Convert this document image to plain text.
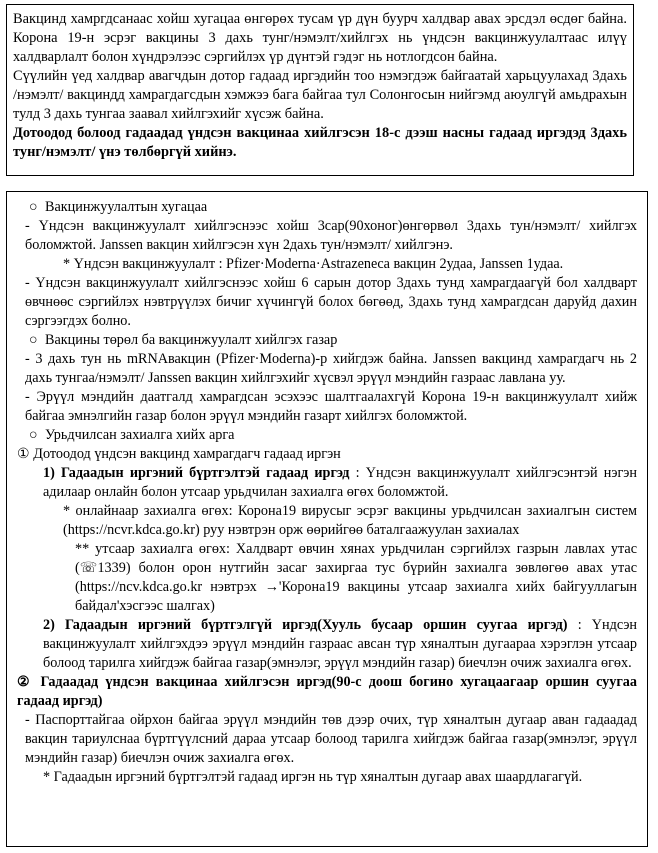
Вакцинд хамргдсанаас хойш хугацаа өнгөрөх тусам үр дүн буурч халдвар авах эрсдэл өсдөг байна. Корона 19-н эсрэг вакцины 3 дахь тунг/нэмэлт/хийлгэх нь үндсэн вакцинжуулалтаас илүү халдварлалт болон хүндрэлээс сэргийлэх үр дүнтэй гэдэг нь нотлогдсон байна.

Сүүлийн үед халдвар авагчдын дотор гадаад иргэдийн тоо нэмэгдэж байгаатай харьцуулахад 3дахь /нэмэлт/ вакциндд хамрагдагсдын хэмжээ бага байгаа тул Солонгосын нийгэмд аюулгүй амьдрахын тулд 3 дахь тунгаа заавал хийлгэхийг хүсэж байна.

Дотоодод болоод гадаадад үндсэн вакцинаа хийлгэсэн 18-с дээш насны гадаад иргэдэд 3дахь тунг/нэмэлт/ үнэ төлбөргүй хийнэ.

○ Вакцинжуулалтын хугацаа

- Үндсэн вакцинжуулалт хийлгэснээс хойш 3сар(90хоног)өнгөрвөл 3дахь тун/нэмэлт/ хийлгэх боломжтой. Janssen вакцин хийлгэсэн хүн 2дахь тун/нэмэлт/ хийлгэнэ.

* Үндсэн вакцинжуулалт : Pfizer·Moderna·Astrazeneca вакцин 2удаа, Janssen 1удаа.

- Үндсэн вакцинжуулалт хийлгэснээс хойш 6 сарын дотор 3дахь тунд хамрагдаагүй бол халдварт өвчнөөс сэргийлэх нэвтрүүлэх бичиг хүчингүй болох бөгөөд, 3дахь тунд хамрагдсан даруйд дахин сэргээгдэх болно.

○ Вакцины төрөл ба вакцинжуулалт хийлгэх газар

- 3 дахь тун нь mRNAвакцин (Pfizer·Moderna)-р хийгдэж байна. Janssen вакцинд хамрагдагч нь 2 дахь тунгаа/нэмэлт/ Janssen вакцин хийлгэхийг хүсвэл эрүүл мэндийн газраас лавлана уу.

- Эрүүл мэндийн даатгалд хамрагдсан эсэхээс шалтгаалахгүй Корона 19-н вакцинжуулалт хийж байгаа эмнэлгийн газар болон эрүүл мэндийн газарт хийлгэх боломжтой.

○ Урьдчилсан захиалга хийх арга

① Дотоодод үндсэн вакцинд хамрагдагч гадаад иргэн

1) Гадаадын иргэний бүртгэлтэй гадаад иргэд : Үндсэн вакцинжуулалт хийлгэсэнтэй нэгэн адилаар онлайн болон утсаар урьдчилан захиалга өгөх боломжтой.

* онлайнаар захиалга өгөх: Корона19 вирусыг эсрэг вакцины урьдчилсан захиалгын систем (https://ncvr.kdca.go.kr) руу нэвтрэн орж өөрийгөө баталгаажуулан захиалах

** утсаар захиалга өгөх: Халдварт өвчин хянах урьдчилан сэргийлэх газрын лавлах утас (☏1339) болон орон нутгийн засаг захиргаа тус бүрийн захиалга зөвлөгөө авах утас (https://ncv.kdca.go.kr нэвтрэх →'Корона19 вакцины утсаар захиалга хийх байгууллагын байдал'хэсгээс шалгах)

2) Гадаадын иргэний бүртгэлгүй иргэд(Хууль бусаар оршин суугаа иргэд) : Үндсэн вакцинжуулалт хийлгэхдээ эрүүл мэндийн газраас авсан түр хяналтын дугаараа хэрэглэн утсаар болоод тарилга хийгдэж байгаа газар(эмнэлэг, эрүүл мэндийн газар) биечлэн очиж захиалга өгөх.

② Гадаадад үндсэн вакцинаа хийлгэсэн иргэд(90-с доош богино хугацаагаар оршин суугаа гадаад иргэд)

- Паспорттайгаа ойрхон байгаа эрүүл мэндийн төв дээр очих, түр хяналтын дугаар аван гадаадад вакцин тариулснаа бүртгүүлсний дараа утсаар болоод тарилга хийгдэж байгаа газар(эмнэлэг, эрүүл мэндийн газар) биечлэн очиж захиалга өгөх.

* Гадаадын иргэний бүртгэлтэй гадаад иргэн нь түр хяналтын дугаар авах шаардлагагүй.
